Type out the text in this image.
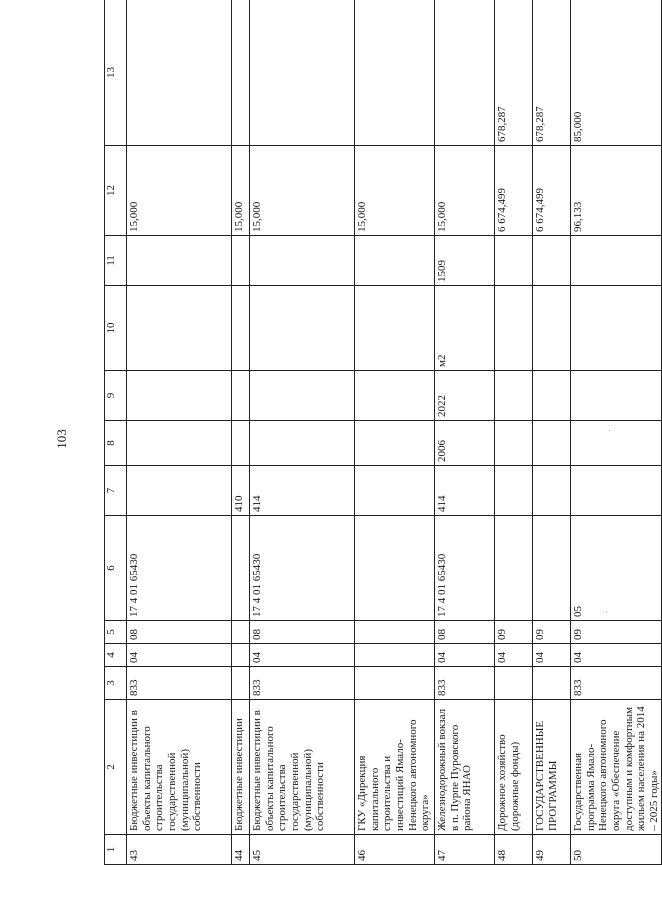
103
1	2	3	4	5	6	7	8	9	10	11	12	13
43	Бюджетные инвестиции в объекты капитального строительства государственной (муниципальной) собственности	833	04	08	17 4 01 65430						15,000	
44	Бюджетные инвестиции					410					15,000	
45	Бюджетные инвестиции в объекты капитального строительства государственной (муниципальной) собственности	833	04	08	17 4 01 65430	414					15,000	
46	ГКУ «Дирекция капитального строительства и инвестиций Ямало-Ненецкого автономного округа»										15,000	
47	Железнодорожный вокзал в п. Пурпе Пуровского района ЯНАО	833	04	08	17 4 01 65430	414	2006	2022	м2	1509	15,000	
48	Дорожное хозяйство (дорожные фонды)		04	09							6 674,499	678,287
49	ГОСУДАРСТВЕННЫЕ ПРОГРАММЫ		04	09							6 674,499	678,287
50	Государственная программа Ямало-Ненецкого автономного округа «Обеспечение доступным и комфортным жильем населения на 2014 – 2025 годы»	833	04	09	05						96,133	85,000
